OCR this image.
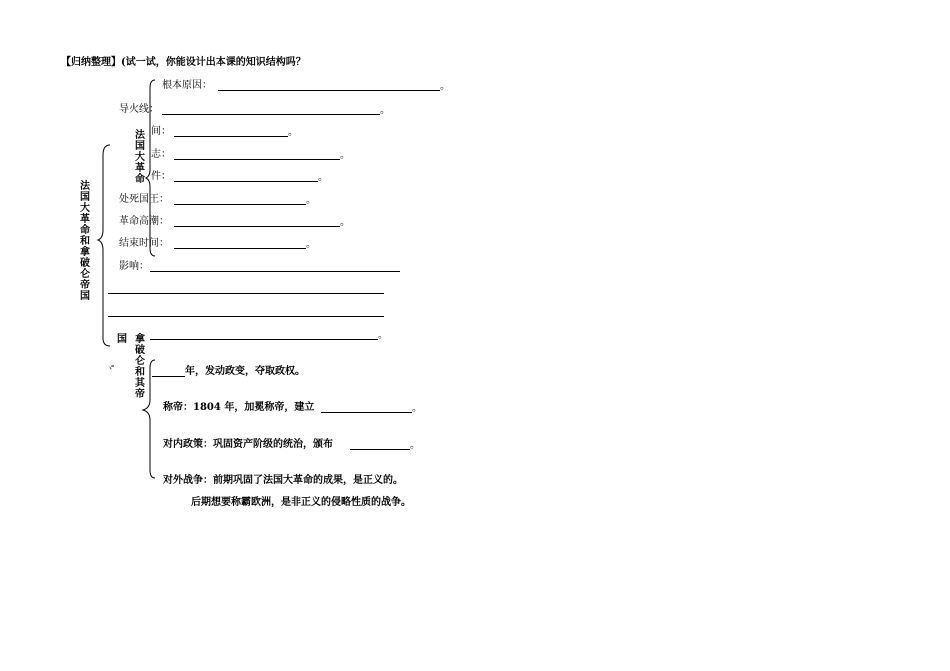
【归纳整理】(试一试，你能设计出本课的知识结构吗？
法国大革命和拿破仑帝国
根本原因：	。
导火线：	。
法国大革命
间：	。
志：	。
件：	。
处死国王：	。
革命高潮：	。
结束时间：	。
影响：
国 拿破仑和其帝
。
ヾ	年，发动政变，夺取政权。
称帝：1804 年，加冕称帝，建立	。
对内政策：巩固资产阶级的统治，颁布	。
对外战争：前期巩固了法国大革命的成果，是正义的。
后期想要称霸欧洲，是非正义的侵略性质的战争。
